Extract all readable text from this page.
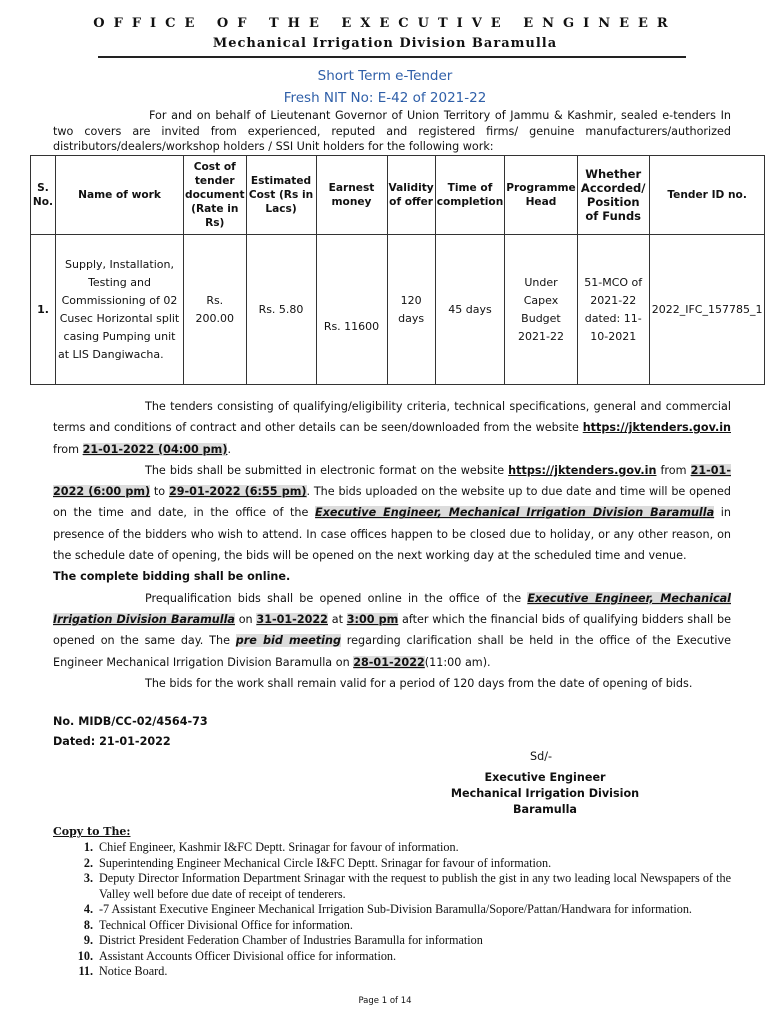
OFFICE OF THE EXECUTIVE ENGINEER
Mechanical Irrigation Division Baramulla
Short Term e-Tender
Fresh NIT No: E-42 of 2021-22
For and on behalf of Lieutenant Governor of Union Territory of Jammu & Kashmir, sealed e-tenders In two covers are invited from experienced, reputed and registered firms/ genuine manufacturers/authorized distributors/dealers/workshop holders / SSI Unit holders for the following work:
S. No.	Name of work	Cost of tender document (Rate in Rs)	Estimated Cost (Rs in Lacs)	Earnest money	Validity of offer	Time of completion	Programme Head	Whether Accorded/ Position of Funds	Tender ID no.
1.	Supply, Installation, Testing and Commissioning of 02 Cusec Horizontal split casing Pumping unit at LIS Dangiwacha.	Rs. 200.00	Rs. 5.80	Rs. 11600	120 days	45 days	Under Capex Budget 2021-22	51-MCO of 2021-22 dated: 11-10-2021	2022_IFC_157785_1

The tenders consisting of qualifying/eligibility criteria, technical specifications, general and commercial terms and conditions of contract and other details can be seen/downloaded from the website https://jktenders.gov.in from 21-01-2022 (04:00 pm).

The bids shall be submitted in electronic format on the website https://jktenders.gov.in from 21-01-2022 (6:00 pm) to 29-01-2022 (6:55 pm). The bids uploaded on the website up to due date and time will be opened on the time and date, in the office of the Executive Engineer, Mechanical Irrigation Division Baramulla in presence of the bidders who wish to attend. In case offices happen to be closed due to holiday, or any other reason, on the schedule date of opening, the bids will be opened on the next working day at the scheduled time and venue.

The complete bidding shall be online.

Prequalification bids shall be opened online in the office of the Executive Engineer, Mechanical Irrigation Division Baramulla on 31-01-2022 at 3:00 pm after which the financial bids of qualifying bidders shall be opened on the same day. The pre bid meeting regarding clarification shall be held in the office of the Executive Engineer Mechanical Irrigation Division Baramulla on 28-01-2022(11:00 am).

The bids for the work shall remain valid for a period of 120 days from the date of opening of bids.

No. MIDB/CC-02/4564-73
Dated: 21-01-2022
Sd/-
Executive Engineer
Mechanical Irrigation Division
Baramulla
Copy to The:
1. Chief Engineer, Kashmir I&FC Deptt. Srinagar for favour of information.
2. Superintending Engineer Mechanical Circle I&FC Deptt. Srinagar for favour of information.
3. Deputy Director Information Department Srinagar with the request to publish the gist in any two leading local Newspapers of the Valley well before due date of receipt of tenderers.
4. -7 Assistant Executive Engineer Mechanical Irrigation Sub-Division Baramulla/Sopore/Pattan/Handwara for information.
8. Technical Officer Divisional Office for information.
9. District President Federation Chamber of Industries Baramulla for information
10. Assistant Accounts Officer Divisional office for information.
11. Notice Board.
Page 1 of 14
